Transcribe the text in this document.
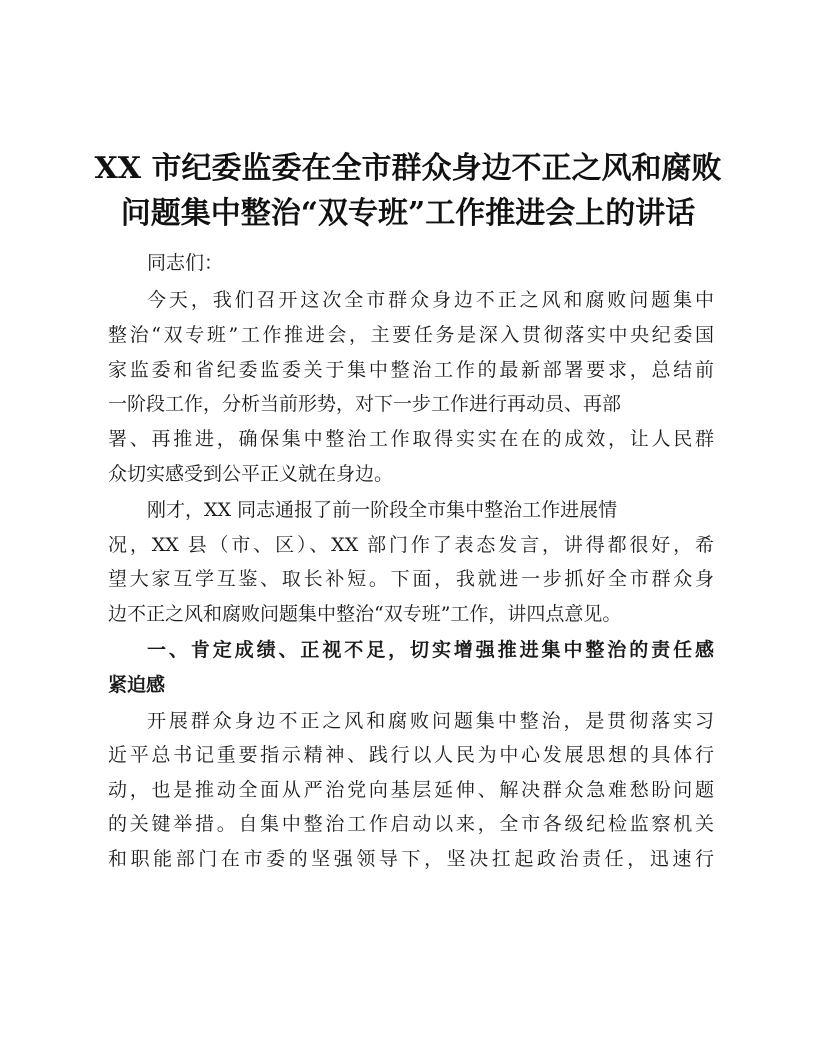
XX 市纪委监委在全市群众身边不正之风和腐败
问题集中整治“双专班”工作推进会上的讲话
同志们：
今天，我们召开这次全市群众身边不正之风和腐败问题集中
整治“双专班”工作推进会，主要任务是深入贯彻落实中央纪委国
家监委和省纪委监委关于集中整治工作的最新部署要求，总结前
一阶段工作，分析当前形势，对下一步工作进行再动员、再部
署、再推进，确保集中整治工作取得实实在在的成效，让人民群
众切实感受到公平正义就在身边。
刚才，XX 同志通报了前一阶段全市集中整治工作进展情
况，XX 县（市、区）、XX 部门作了表态发言，讲得都很好，希
望大家互学互鉴、取长补短。下面，我就进一步抓好全市群众身
边不正之风和腐败问题集中整治“双专班”工作，讲四点意见。
一、肯定成绩、正视不足，切实增强推进集中整治的责任感
紧迫感
开展群众身边不正之风和腐败问题集中整治，是贯彻落实习
近平总书记重要指示精神、践行以人民为中心发展思想的具体行
动，也是推动全面从严治党向基层延伸、解决群众急难愁盼问题
的关键举措。自集中整治工作启动以来，全市各级纪检监察机关
和职能部门在市委的坚强领导下，坚决扛起政治责任，迅速行
